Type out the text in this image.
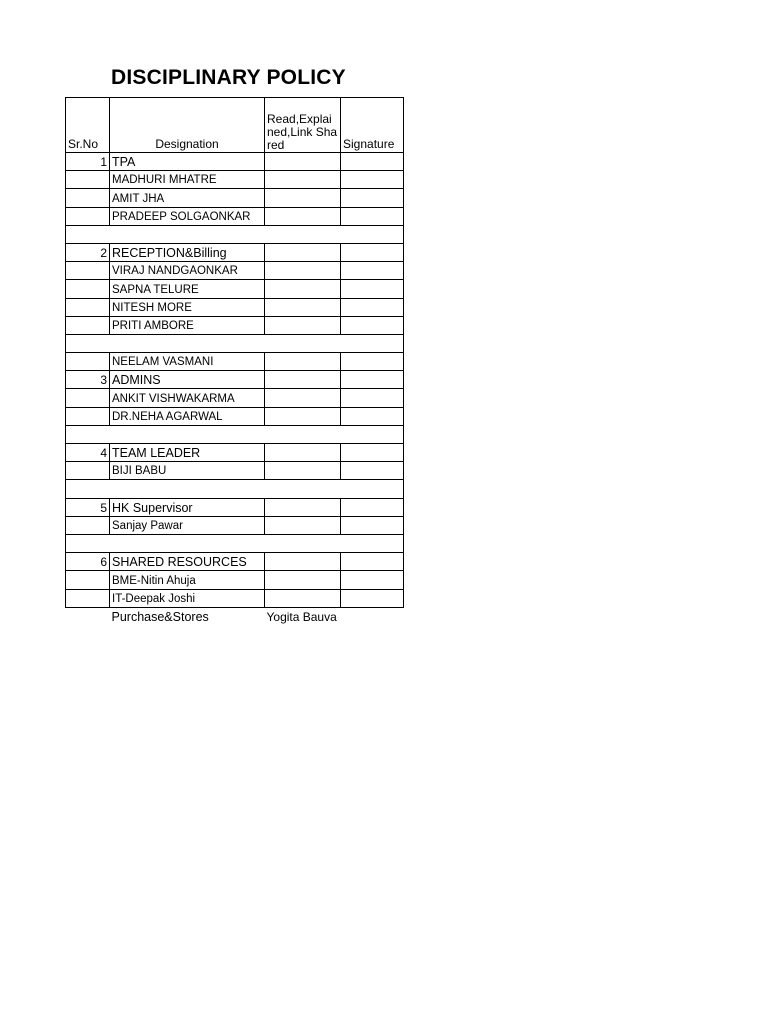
DISCIPLINARY POLICY
Sr.No	Designation	Read,Explained,Link Shared	Signature
1	TPA		
	MADHURI MHATRE		
	AMIT JHA		
	PRADEEP SOLGAONKAR		

2	RECEPTION&Billing		
	VIRAJ NANDGAONKAR		
	SAPNA TELURE		
	NITESH MORE		
	PRITI AMBORE		

	NEELAM VASMANI		
3	ADMINS		
	ANKIT VISHWAKARMA		
	DR.NEHA AGARWAL		

4	TEAM LEADER		
	BIJI BABU		

5	HK Supervisor		
	Sanjay Pawar		

6	SHARED RESOURCES		
	BME-Nitin Ahuja		
	IT-Deepak Joshi		
	Purchase&Stores	Yogita Bauva	
